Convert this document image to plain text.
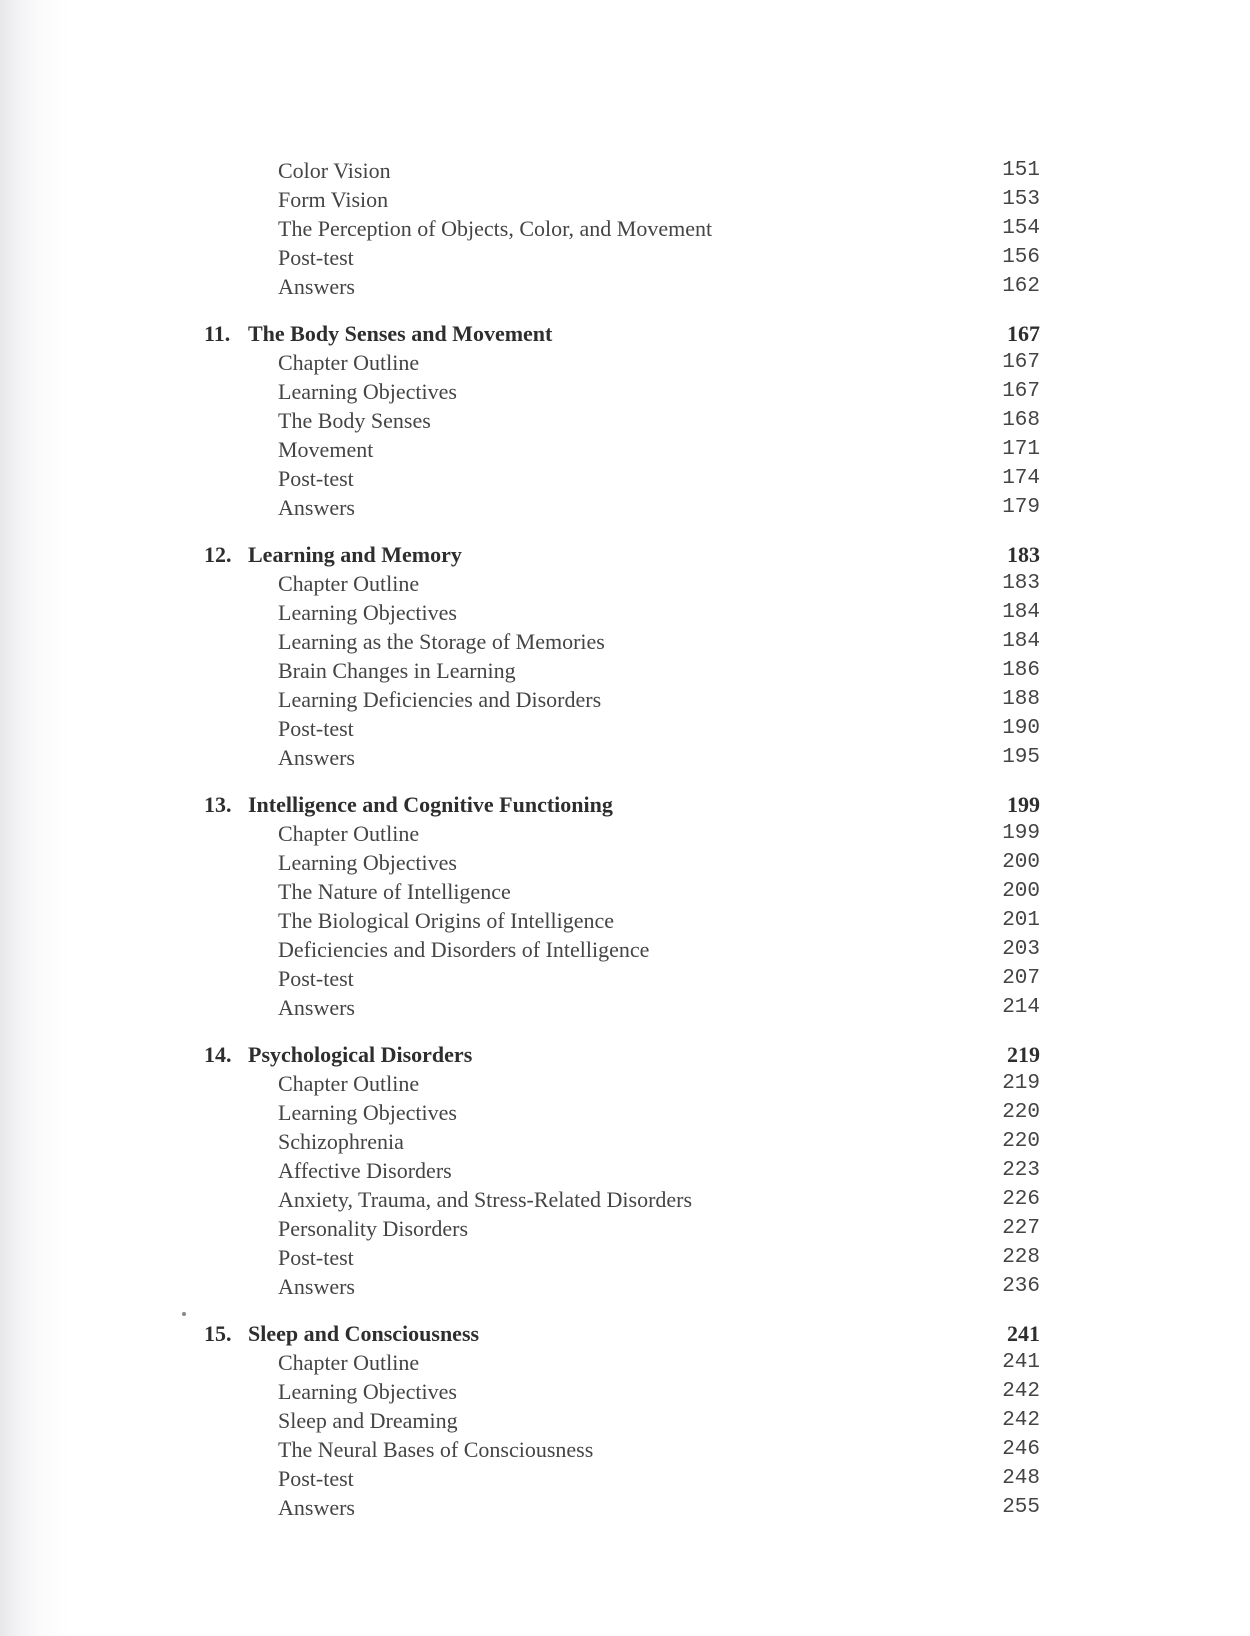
Color Vision	151
Form Vision	153
The Perception of Objects, Color, and Movement	154
Post-test	156
Answers	162
11. The Body Senses and Movement	167
Chapter Outline	167
Learning Objectives	167
The Body Senses	168
Movement	171
Post-test	174
Answers	179
12. Learning and Memory	183
Chapter Outline	183
Learning Objectives	184
Learning as the Storage of Memories	184
Brain Changes in Learning	186
Learning Deficiencies and Disorders	188
Post-test	190
Answers	195
13. Intelligence and Cognitive Functioning	199
Chapter Outline	199
Learning Objectives	200
The Nature of Intelligence	200
The Biological Origins of Intelligence	201
Deficiencies and Disorders of Intelligence	203
Post-test	207
Answers	214
14. Psychological Disorders	219
Chapter Outline	219
Learning Objectives	220
Schizophrenia	220
Affective Disorders	223
Anxiety, Trauma, and Stress-Related Disorders	226
Personality Disorders	227
Post-test	228
Answers	236
15. Sleep and Consciousness	241
Chapter Outline	241
Learning Objectives	242
Sleep and Dreaming	242
The Neural Bases of Consciousness	246
Post-test	248
Answers	255
